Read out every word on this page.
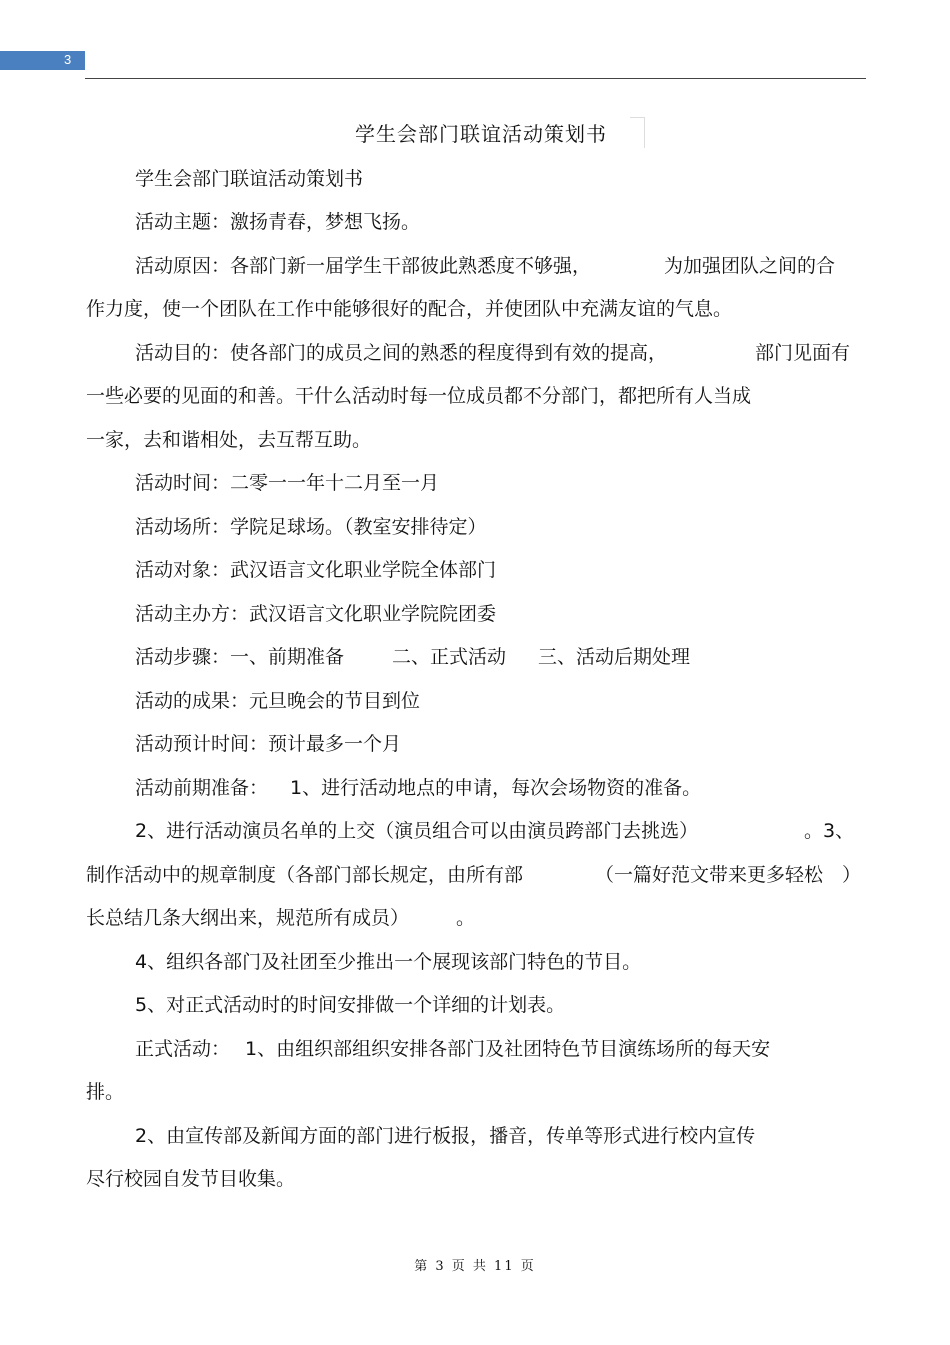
3
学生会部门联谊活动策划书
学生会部门联谊活动策划书
活动主题：激扬青春，梦想飞扬。
活动原因：各部门新一届学生干部彼此熟悉度不够强，	为加强团队之间的合
作力度，使一个团队在工作中能够很好的配合，并使团队中充满友谊的气息。
活动目的：使各部门的成员之间的熟悉的程度得到有效的提高，	部门见面有
一些必要的见面的和善。干什么活动时每一位成员都不分部门，都把所有人当成
一家，去和谐相处，去互帮互助。
活动时间：二零一一年十二月至一月
活动场所：学院足球场。（教室安排待定）
活动对象：武汉语言文化职业学院全体部门
活动主办方：武汉语言文化职业学院院团委
活动步骤：一、前期准备	二、正式活动 三、活动后期处理
活动的成果：元旦晚会的节目到位
活动预计时间：预计最多一个月
活动前期准备： 1、进行活动地点的申请，每次会场物资的准备。
2、进行活动演员名单的上交（演员组合可以由演员跨部门去挑选）	。3、
制作活动中的规章制度（各部门部长规定，由所有部	（一篇好范文带来更多轻松 ）
长总结几条大纲出来，规范所有成员） 。
4、组织各部门及社团至少推出一个展现该部门特色的节目。
5、对正式活动时的时间安排做一个详细的计划表。
正式活动： 1、由组织部组织安排各部门及社团特色节目演练场所的每天安
排。
2、由宣传部及新闻方面的部门进行板报，播音，传单等形式进行校内宣传
尽行校园自发节目收集。
第 3 页 共 11 页
